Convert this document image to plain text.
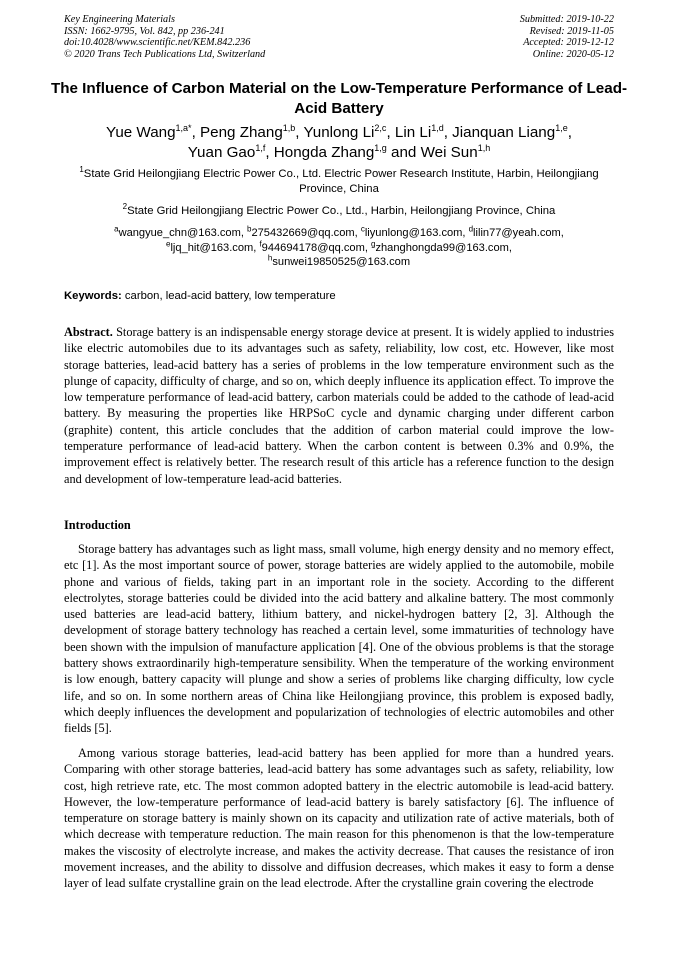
Key Engineering Materials
ISSN: 1662-9795, Vol. 842, pp 236-241
doi:10.4028/www.scientific.net/KEM.842.236
© 2020 Trans Tech Publications Ltd, Switzerland
Submitted: 2019-10-22
Revised: 2019-11-05
Accepted: 2019-12-12
Online: 2020-05-12
The Influence of Carbon Material on the Low-Temperature Performance of Lead-Acid Battery
Yue Wang$^{1,a*}$, Peng Zhang$^{1,b}$, Yunlong Li$^{2,c}$, Lin Li$^{1,d}$, Jianquan Liang$^{1,e}$,
Yuan Gao$^{1,f}$, Hongda Zhang$^{1,g}$ and Wei Sun$^{1,h}$
$^1$State Grid Heilongjiang Electric Power Co., Ltd. Electric Power Research Institute, Harbin, Heilongjiang Province, China
$^2$State Grid Heilongjiang Electric Power Co., Ltd., Harbin, Heilongjiang Province, China
$^a$wangyue_chn@163.com, $^b$275432669@qq.com, $^c$liyunlong@163.com, $^d$lilin77@yeah.com,
$^e$ljq_hit@163.com, $^f$944694178@qq.com, $^g$zhanghongda99@163.com,
$^h$sunwei19850525@163.com
Keywords: carbon, lead-acid battery, low temperature
Abstract. Storage battery is an indispensable energy storage device at present. It is widely applied to industries like electric automobiles due to its advantages such as safety, reliability, low cost, etc. However, like most storage batteries, lead-acid battery has a series of problems in the low temperature environment such as the plunge of capacity, difficulty of charge, and so on, which deeply influence its application effect. To improve the low temperature performance of lead-acid battery, carbon materials could be added to the cathode of lead-acid battery. By measuring the properties like HRPSoC cycle and dynamic charging under different carbon (graphite) content, this article concludes that the addition of carbon material could improve the low-temperature performance of lead-acid battery. When the carbon content is between 0.3% and 0.9%, the improvement effect is relatively better. The research result of this article has a reference function to the design and development of low-temperature lead-acid batteries.
Introduction
Storage battery has advantages such as light mass, small volume, high energy density and no memory effect, etc [1]. As the most important source of power, storage batteries are widely applied to the automobile, mobile phone and various of fields, taking part in an important role in the society. According to the different electrolytes, storage batteries could be divided into the acid battery and alkaline battery. The most commonly used batteries are lead-acid battery, lithium battery, and nickel-hydrogen battery [2, 3]. Although the development of storage battery technology has reached a certain level, some immaturities of technology have been shown with the impulsion of manufacture application [4]. One of the obvious problems is that the storage battery shows extraordinarily high-temperature sensibility. When the temperature of the working environment is low enough, battery capacity will plunge and show a series of problems like charging difficulty, low cycle life, and so on. In some northern areas of China like Heilongjiang province, this problem is exposed badly, which deeply influences the development and popularization of technologies of electric automobiles and other fields [5].
Among various storage batteries, lead-acid battery has been applied for more than a hundred years. Comparing with other storage batteries, lead-acid battery has some advantages such as safety, reliability, low cost, high retrieve rate, etc. The most common adopted battery in the electric automobile is lead-acid battery. However, the low-temperature performance of lead-acid battery is barely satisfactory [6]. The influence of temperature on storage battery is mainly shown on its capacity and utilization rate of active materials, both of which decrease with temperature reduction. The main reason for this phenomenon is that the low-temperature makes the viscosity of electrolyte increase, and makes the activity decrease. That causes the resistance of iron movement increases, and the ability to dissolve and diffusion decreases, which makes it easy to form a dense layer of lead sulfate crystalline grain on the lead electrode. After the crystalline grain covering the electrode
